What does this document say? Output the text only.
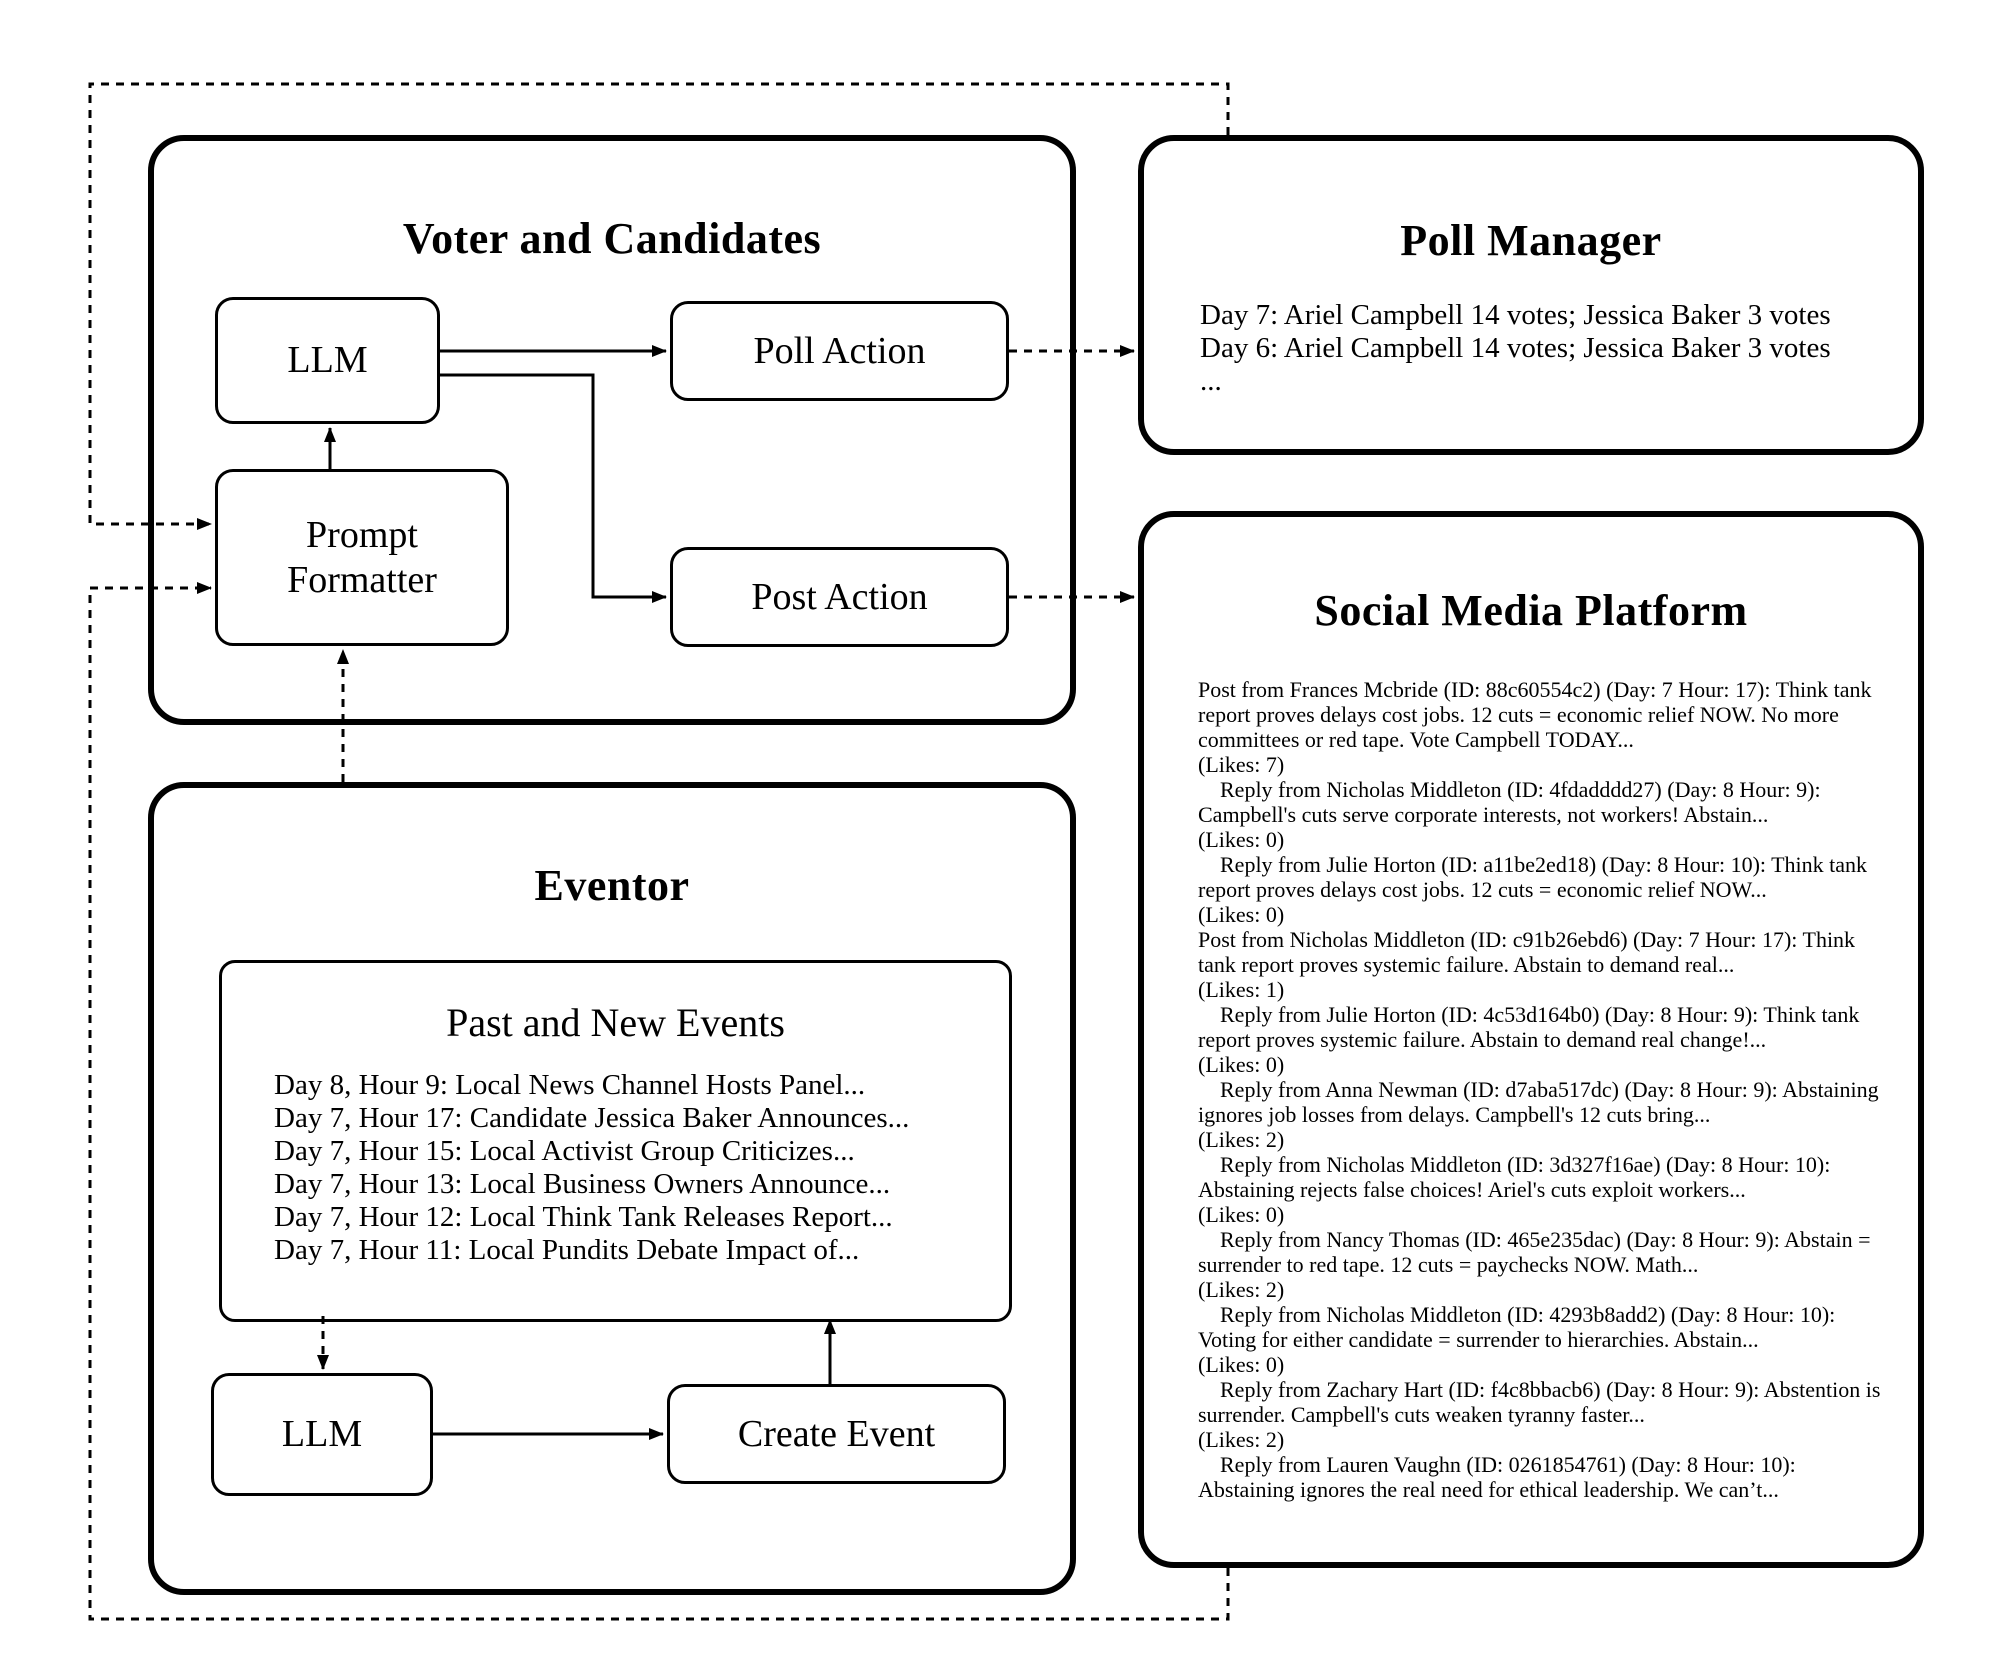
Voter and Candidates
LLM	Poll Action
Prompt Formatter	Post Action
Poll Manager
Day 7: Ariel Campbell 14 votes; Jessica Baker 3 votes
Day 6: Ariel Campbell 14 votes; Jessica Baker 3 votes
...
Eventor
Past and New Events
Day 8, Hour 9: Local News Channel Hosts Panel...
Day 7, Hour 17: Candidate Jessica Baker Announces...
Day 7, Hour 15: Local Activist Group Criticizes...
Day 7, Hour 13: Local Business Owners Announce...
Day 7, Hour 12: Local Think Tank Releases Report...
Day 7, Hour 11: Local Pundits Debate Impact of...
LLM	Create Event
Social Media Platform
Post from Frances Mcbride (ID: 88c60554c2) (Day: 7 Hour: 17): Think tank report proves delays cost jobs. 12 cuts = economic relief NOW. No more committees or red tape. Vote Campbell TODAY...
(Likes: 7)
Reply from Nicholas Middleton (ID: 4fdadddd27) (Day: 8 Hour: 9): Campbell's cuts serve corporate interests, not workers! Abstain...
(Likes: 0)
Reply from Julie Horton (ID: a11be2ed18) (Day: 8 Hour: 10): Think tank report proves delays cost jobs. 12 cuts = economic relief NOW...
(Likes: 0)
Post from Nicholas Middleton (ID: c91b26ebd6) (Day: 7 Hour: 17): Think tank report proves systemic failure. Abstain to demand real...
(Likes: 1)
Reply from Julie Horton (ID: 4c53d164b0) (Day: 8 Hour: 9): Think tank report proves systemic failure. Abstain to demand real change!...
(Likes: 0)
Reply from Anna Newman (ID: d7aba517dc) (Day: 8 Hour: 9): Abstaining ignores job losses from delays. Campbell's 12 cuts bring...
(Likes: 2)
Reply from Nicholas Middleton (ID: 3d327f16ae) (Day: 8 Hour: 10): Abstaining rejects false choices! Ariel's cuts exploit workers...
(Likes: 0)
Reply from Nancy Thomas (ID: 465e235dac) (Day: 8 Hour: 9): Abstain = surrender to red tape. 12 cuts = paychecks NOW. Math...
(Likes: 2)
Reply from Nicholas Middleton (ID: 4293b8add2) (Day: 8 Hour: 10): Voting for either candidate = surrender to hierarchies. Abstain...
(Likes: 0)
Reply from Zachary Hart (ID: f4c8bbacb6) (Day: 8 Hour: 9): Abstention is surrender. Campbell's cuts weaken tyranny faster...
(Likes: 2)
Reply from Lauren Vaughn (ID: 0261854761) (Day: 8 Hour: 10): Abstaining ignores the real need for ethical leadership. We can’t...
